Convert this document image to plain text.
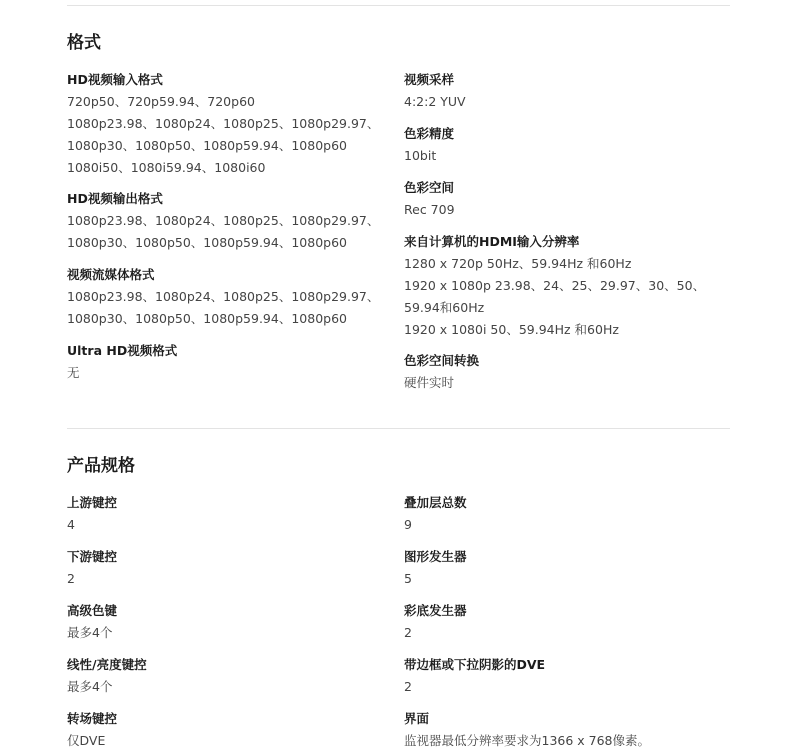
格式
HD视频输入格式
720p50、720p59.94、720p60
1080p23.98、1080p24、1080p25、1080p29.97、
1080p30、1080p50、1080p59.94、1080p60
1080i50、1080i59.94、1080i60
HD视频输出格式
1080p23.98、1080p24、1080p25、1080p29.97、
1080p30、1080p50、1080p59.94、1080p60
视频流媒体格式
1080p23.98、1080p24、1080p25、1080p29.97、
1080p30、1080p50、1080p59.94、1080p60
Ultra HD视频格式
无
视频采样
4:2:2 YUV
色彩精度
10bit
色彩空间
Rec 709
来自计算机的HDMI输入分辨率
1280 x 720p 50Hz、59.94Hz 和60Hz
1920 x 1080p 23.98、24、25、29.97、30、50、
59.94和60Hz
1920 x 1080i 50、59.94Hz 和60Hz
色彩空间转换
硬件实时
产品规格
上游键控
4
下游键控
2
高级色键
最多4个
线性/亮度键控
最多4个
转场键控
仅DVE
叠加层总数
9
图形发生器
5
彩底发生器
2
带边框或下拉阴影的DVE
2
界面
监视器最低分辨率要求为1366 x 768像素。
